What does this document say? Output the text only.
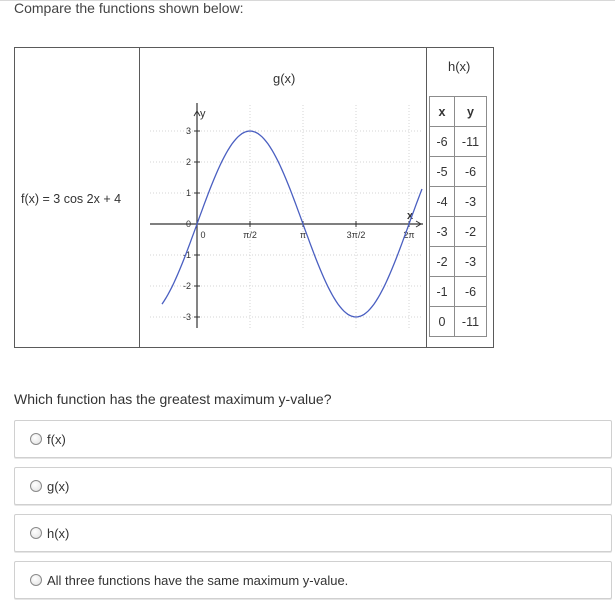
Compare the functions shown below:
f(x) = 3 cos 2x + 4
g(x)
h(x)
y
x
3
2
1
0
-1
-2
-3
0	π/2	π	3π/2	2π
x	y
-6	-11
-5	-6
-4	-3
-3	-2
-2	-3
-1	-6
0	-11
Which function has the greatest maximum y-value?
f(x)
g(x)
h(x)
All three functions have the same maximum y-value.
